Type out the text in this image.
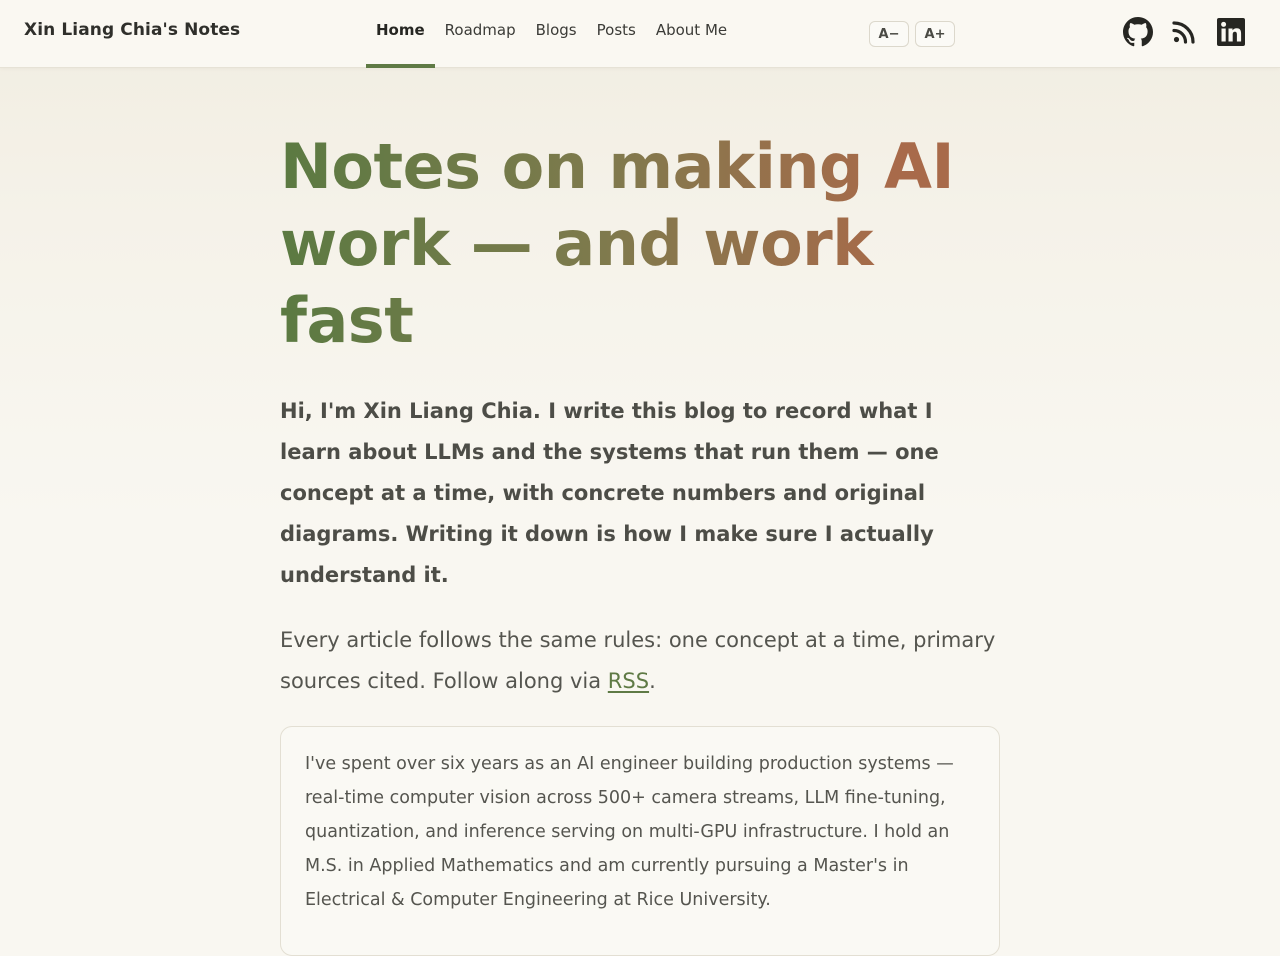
Xin Liang Chia's Notes	Home	Roadmap	Blogs	Posts	About Me	A−	A+
Notes on making AI
work — and work fast

Hi, I'm Xin Liang Chia. I write this blog to record what I learn about LLMs and the systems that run them — one concept at a time, with concrete numbers and original diagrams. Writing it down is how I make sure I actually understand it.

Every article follows the same rules: one concept at a time, primary sources cited. Follow along via RSS.

I've spent over six years as an AI engineer building production systems — real-time computer vision across 500+ camera streams, LLM fine-tuning, quantization, and inference serving on multi-GPU infrastructure. I hold an M.S. in Applied Mathematics and am currently pursuing a Master's in Electrical & Computer Engineering at Rice University.
